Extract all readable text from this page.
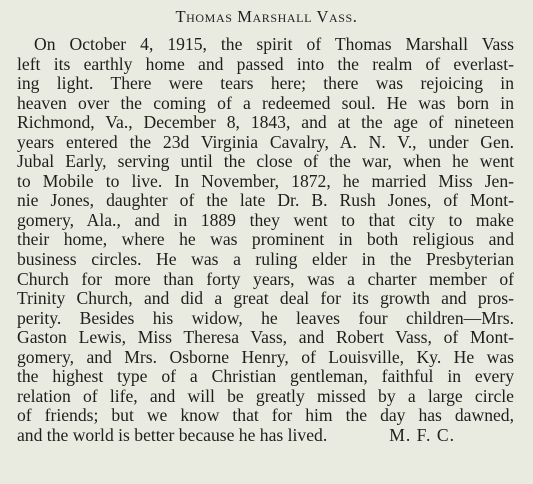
Thomas Marshall Vass.
On October 4, 1915, the spirit of Thomas Marshall Vass
left its earthly home and passed into the realm of everlast-
ing light. There were tears here; there was rejoicing in
heaven over the coming of a redeemed soul. He was born in
Richmond, Va., December 8, 1843, and at the age of nineteen
years entered the 23d Virginia Cavalry, A. N. V., under Gen.
Jubal Early, serving until the close of the war, when he went
to Mobile to live. In November, 1872, he married Miss Jen-
nie Jones, daughter of the late Dr. B. Rush Jones, of Mont-
gomery, Ala., and in 1889 they went to that city to make
their home, where he was prominent in both religious and
business circles. He was a ruling elder in the Presbyterian
Church for more than forty years, was a charter member of
Trinity Church, and did a great deal for its growth and pros-
perity. Besides his widow, he leaves four children—Mrs.
Gaston Lewis, Miss Theresa Vass, and Robert Vass, of Mont-
gomery, and Mrs. Osborne Henry, of Louisville, Ky. He was
the highest type of a Christian gentleman, faithful in every
relation of life, and will be greatly missed by a large circle
of friends; but we know that for him the day has dawned,
and the world is better because he has lived.	M. F. C.
